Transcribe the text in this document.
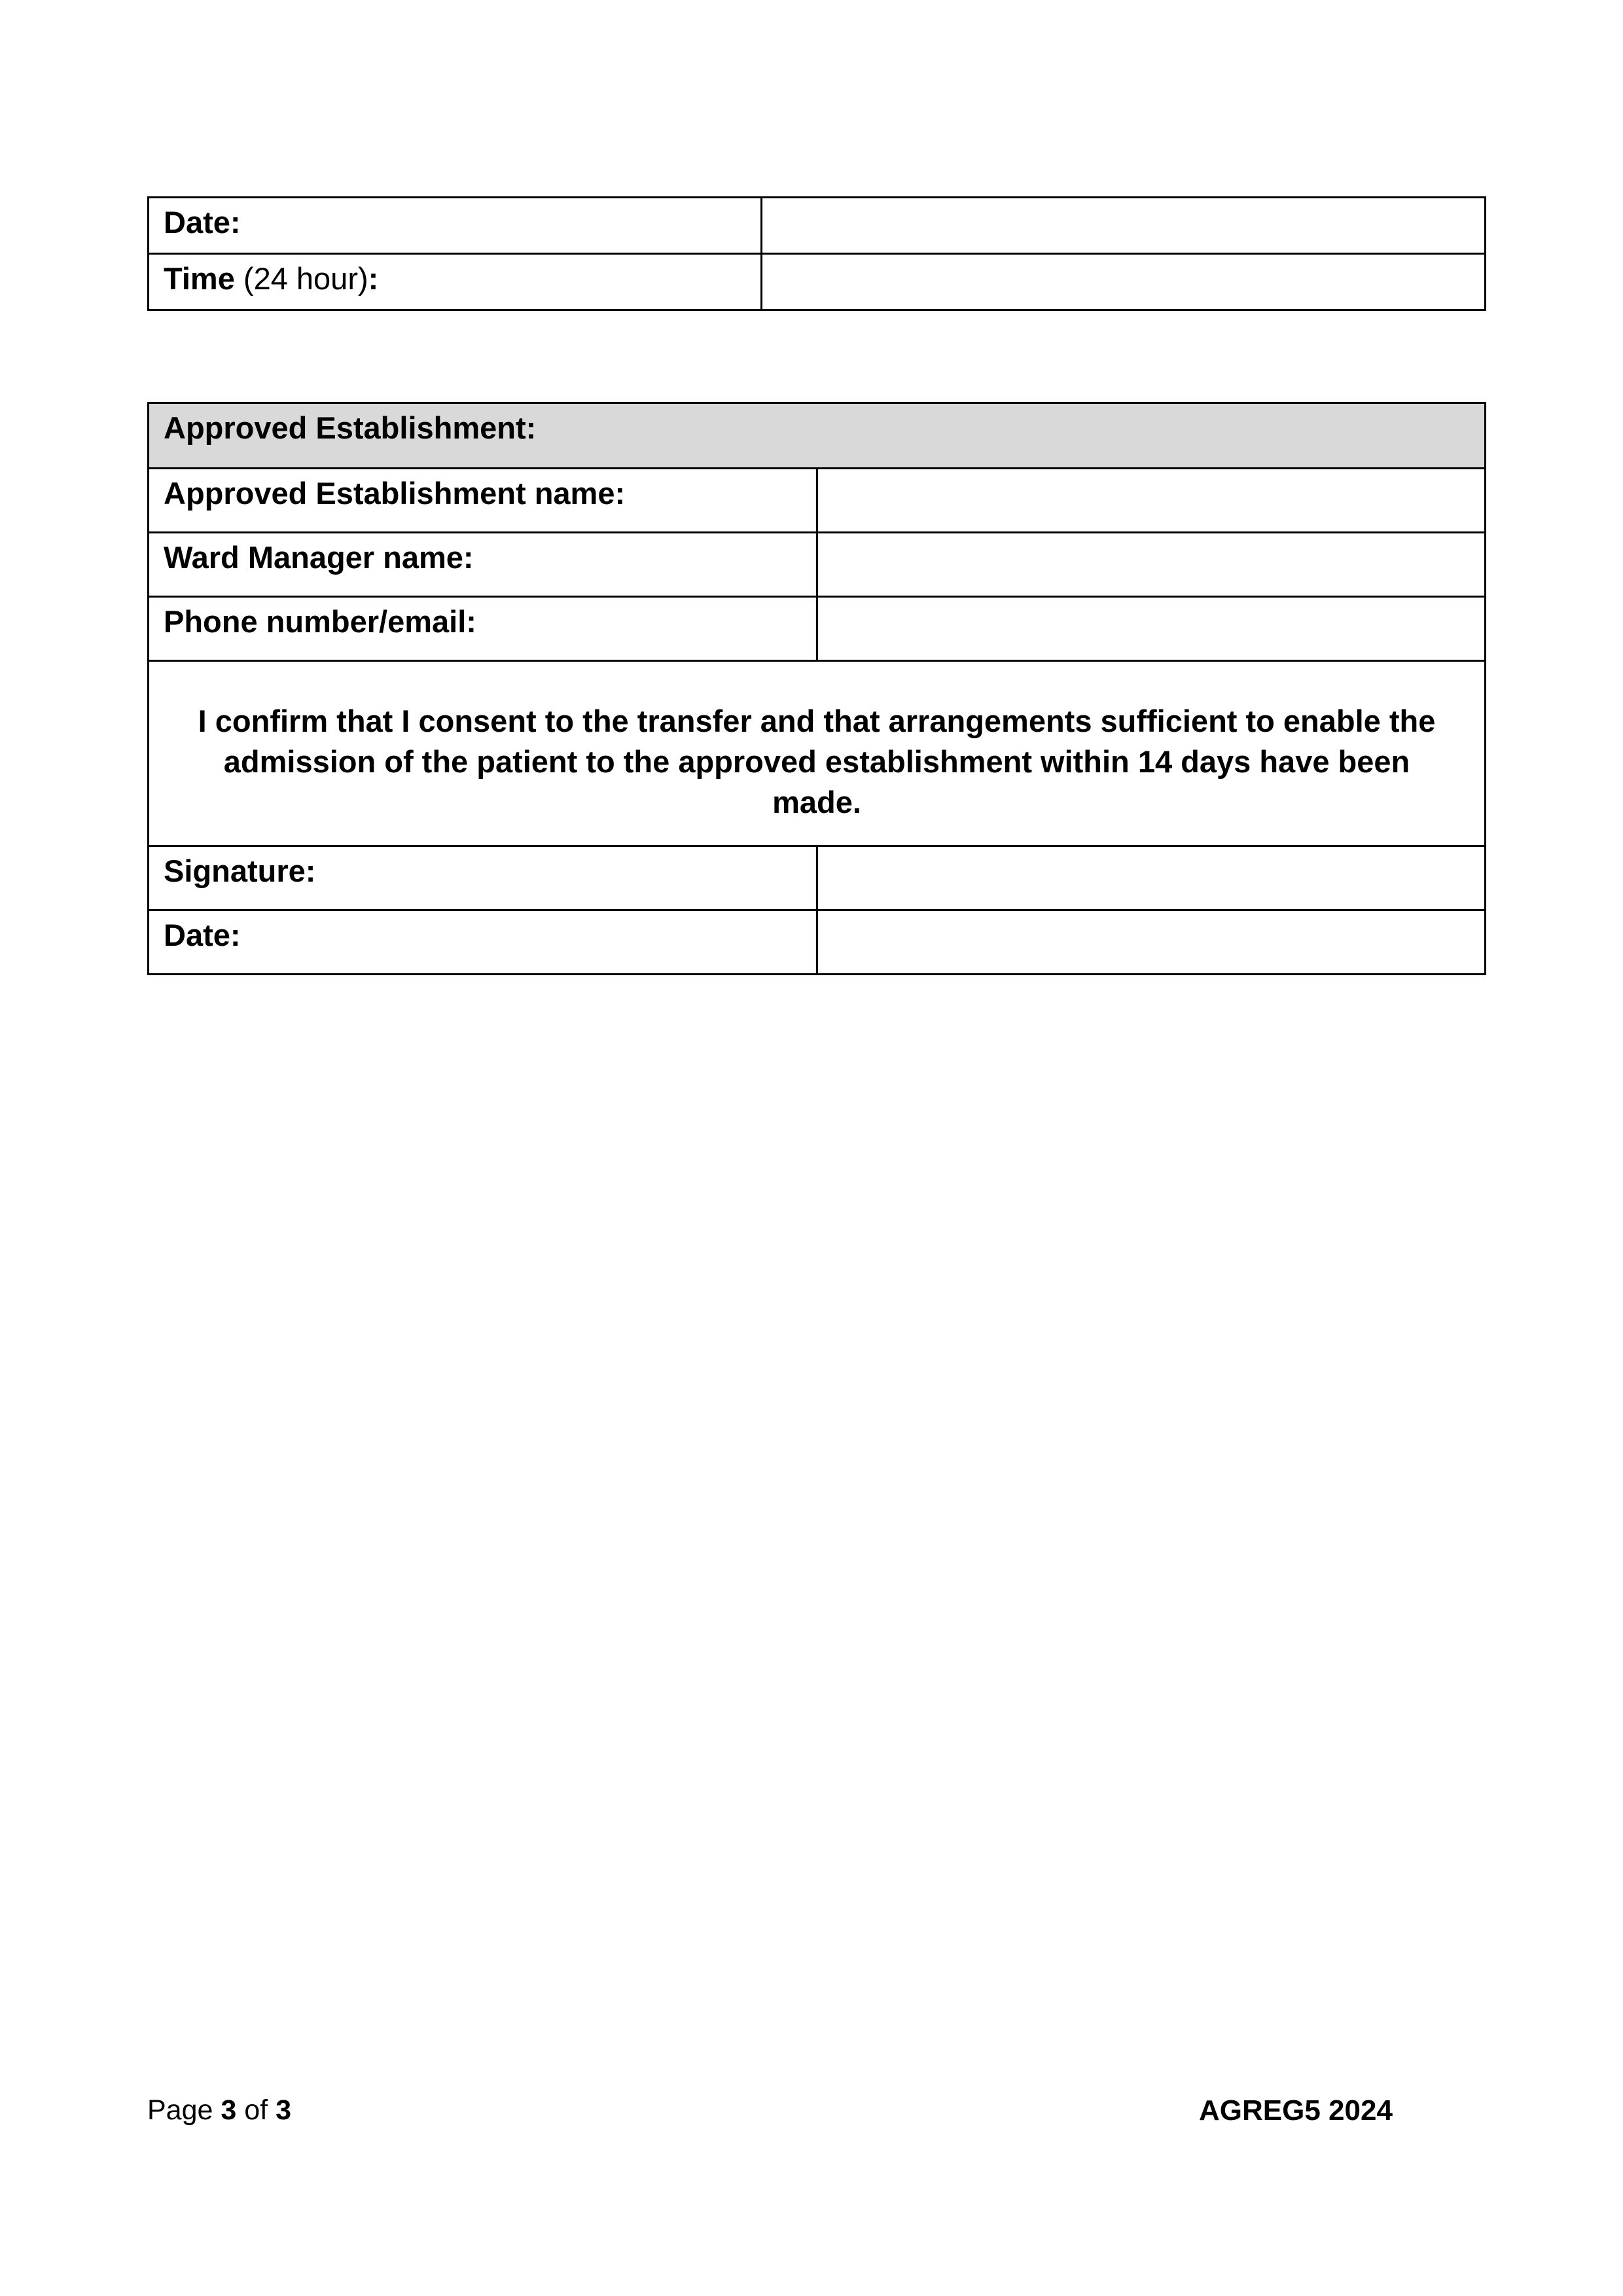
Date:	
Time (24 hour):	
Approved Establishment:	
Approved Establishment name:	
Ward Manager name:	
Phone number/email:	
I confirm that I consent to the transfer and that arrangements sufficient to enable the admission of the patient to the approved establishment within 14 days have been made.	
Signature:	
Date:	
Page 3 of 3	AGREG5 2024
